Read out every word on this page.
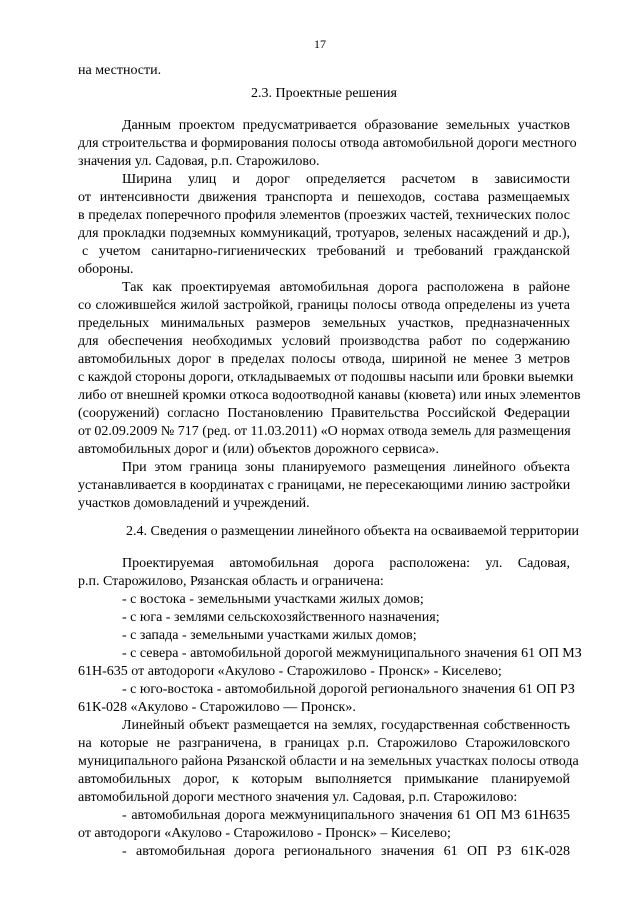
17
на местности.
2.3. Проектные решения
Данным проектом предусматривается образование земельных участков
для строительства и формирования полосы отвода автомобильной дороги местного
значения ул. Садовая, р.п. Старожилово.
Ширина улиц и дорог определяется расчетом в зависимости
от интенсивности движения транспорта и пешеходов, состава размещаемых
в пределах поперечного профиля элементов (проезжих частей, технических полос
для прокладки подземных коммуникаций, тротуаров, зеленых насаждений и др.),
с учетом санитарно-гигиенических требований и требований гражданской
обороны.
Так как проектируемая автомобильная дорога расположена в районе
со сложившейся жилой застройкой, границы полосы отвода определены из учета
предельных минимальных размеров земельных участков, предназначенных
для обеспечения необходимых условий производства работ по содержанию
автомобильных дорог в пределах полосы отвода, шириной не менее 3 метров
с каждой стороны дороги, откладываемых от подошвы насыпи или бровки выемки
либо от внешней кромки откоса водоотводной канавы (кювета) или иных элементов
(сооружений) согласно Постановлению Правительства Российской Федерации
от 02.09.2009 № 717 (ред. от 11.03.2011) «О нормах отвода земель для размещения
автомобильных дорог и (или) объектов дорожного сервиса».
При этом граница зоны планируемого размещения линейного объекта
устанавливается в координатах с границами, не пересекающими линию застройки
участков домовладений и учреждений.
2.4. Сведения о размещении линейного объекта на осваиваемой территории
Проектируемая автомобильная дорога расположена: ул. Садовая,
р.п. Старожилово, Рязанская область и ограничена:
- с востока - земельными участками жилых домов;
- с юга - землями сельскохозяйственного назначения;
- с запада - земельными участками жилых домов;
- с севера - автомобильной дорогой межмуниципального значения 61 ОП МЗ
61Н-635 от автодороги «Акулово - Старожилово - Пронск» - Киселево;
- с юго-востока - автомобильной дорогой регионального значения 61 ОП РЗ
61К-028 «Акулово - Старожилово — Пронск».
Линейный объект размещается на землях, государственная собственность
на которые не разграничена, в границах р.п. Старожилово Старожиловского
муниципального района Рязанской области и на земельных участках полосы отвода
автомобильных дорог, к которым выполняется примыкание планируемой
автомобильной дороги местного значения ул. Садовая, р.п. Старожилово:
- автомобильная дорога межмуниципального значения 61 ОП МЗ 61Н635
от автодороги «Акулово - Старожилово - Пронск» – Киселево;
- автомобильная дорога регионального значения 61 ОП РЗ 61К-028
